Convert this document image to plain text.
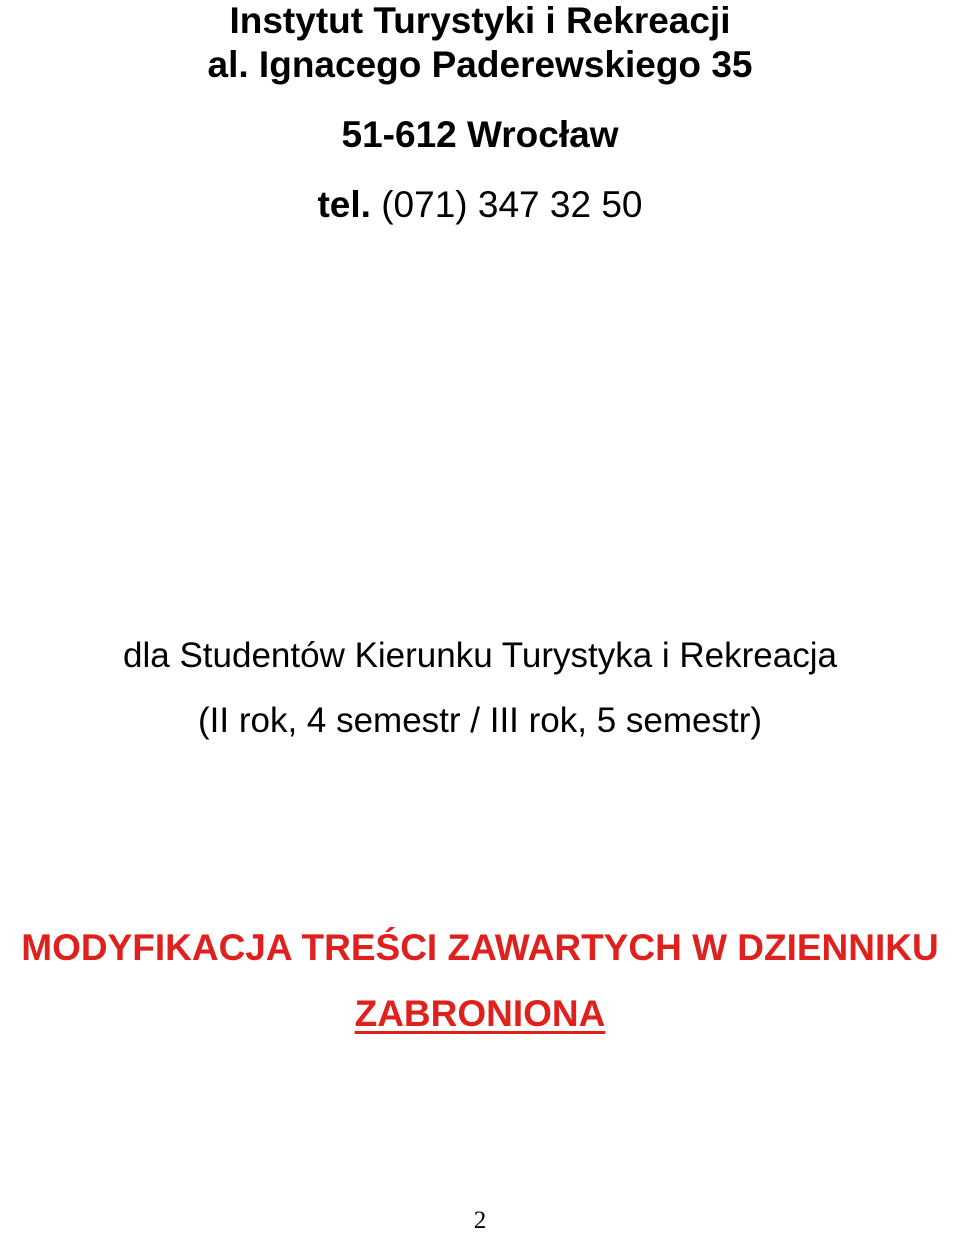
Instytut Turystyki i Rekreacji
al. Ignacego Paderewskiego 35
51-612 Wrocław
tel. (071) 347 32 50
dla Studentów Kierunku Turystyka i Rekreacja
(II rok, 4 semestr / III rok, 5 semestr)
MODYFIKACJA TREŚCI ZAWARTYCH W DZIENNIKU
ZABRONIONA
2
